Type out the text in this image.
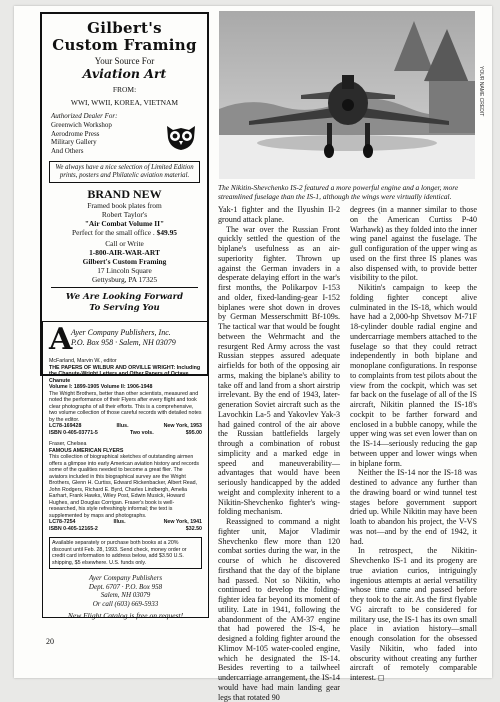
Gilbert's
Custom Framing
Your Source For
Aviation Art
FROM:
WWI, WWII, KOREA, VIETNAM
Authorized Dealer For:
Greenwich Workshop
Aerodrome Press
Military Gallery
And Others
We always have a nice selection of Limited Edition prints, posters and Philatelic aviation material.
BRAND NEW
Framed book plates from
Robert Taylor's
"Air Combat Volume II"
Perfect for the small office . $49.95
Call or Write
1-800-AIR-WAR-ART
Gilbert's Custom Framing
17 Lincoln Square
Gettysburg, PA 17325
We Are Looking Forward
To Serving You
A
Ayer Company Publishers, Inc.
P.O. Box 958 · Salem, NH 03079
McFarland, Marvin W., editor
THE PAPERS OF WILBUR AND ORVILLE WRIGHT: Including the Chanute-Wright Letters and Other Papers of Octave Chanute
Volume I: 1899-1905 Volume II: 1906-1948
The Wright Brothers, better than other scientists, measured and noted the performance of their Flyers after every flight and took clear photographs of all their efforts. This is a comprehensive, two volume collection of those careful records with detailed notes by the editor.
LC78-169428	Illus.	New York, 1953
ISBN 0-405-03771-5	Two vols.	$95.00
Fraser, Chelsea
FAMOUS AMERICAN FLYERS
This collection of biographical sketches of outstanding airmen offers a glimpse into early American aviation history and records some of the qualities needed to become a great flier. The aviators included in this biographical survey are the Wright Brothers, Glenn H. Curtiss, Edward Rickenbacker, Albert Read, John Rodgers, Richard E. Byrd, Charles Lindbergh, Amelia Earhart, Frank Hawks, Wiley Post, Edwin Musick, Howard Hughes, and Douglas Corrigan. Fraser's book is well-researched, his style refreshingly informal; the text is supplemented by maps and photographs.
LC78-7254	Illus.	New York, 1941
ISBN 0-405-12165-2	$32.50
Available separately or purchase both books at a 20% discount until Feb. 28, 1993. Send check, money order or credit card information to address below, add $3.50 U.S. shipping, $5 elsewhere. U.S. funds only.
Ayer Company Publishers
Dept. 6707 · P.O. Box 958
Salem, NH 03079
Or call (603) 669-5933
New Flight Catalog is free on request!
YOUR NAME CREDIT
The Nikitin-Shevchenko IS-2 featured a more powerful engine and a longer, more streamlined fuselage than the IS-1, although the wings were virtually identical.

Yak-1 fighter and the Ilyushin Il-2 ground attack plane.

The war over the Russian Front quickly settled the question of the biplane's usefulness as an air-superiority fighter. Thrown up against the German invaders in a desperate delaying effort in the war's first months, the Polikarpov I-153 and older, fixed-landing-gear I-152 biplanes were shot down in droves by German Messerschmitt Bf-109s. The tactical war that would be fought between the Wehrmacht and the resurgent Red Army across the vast Russian steppes assured adequate airfields for both of the opposing air arms, making the biplane's ability to take off and land from a short airstrip irrelevant. By the end of 1943, later-generation Soviet aircraft such as the Lavochkin La-5 and Yakovlev Yak-3 had gained control of the air above the Russian battlefields largely through a combination of robust simplicity and a marked edge in speed and maneuverability—advantages that would have been seriously handicapped by the added weight and complexity inherent to a Nikitin-Shevchenko fighter's wing-folding mechanism.

Reassigned to command a night fighter unit, Major Vladimir Shevchenko flew more than 120 combat sorties during the war, in the course of which he discovered firsthand that the day of the biplane had passed. Not so Nikitin, who continued to develop the folding-fighter idea far beyond its moment of utility. Late in 1941, following the abandonment of the AM-37 engine that had powered the IS-4, he designed a folding fighter around the Klimov M-105 water-cooled engine, which he designated the IS-14. Besides reverting to a tailwheel undercarriage arrangement, the IS-14 would have had main landing gear legs that rotated 90

degrees (in a manner similar to those on the American Curtiss P-40 Warhawk) as they folded into the inner wing panel against the fuselage. The gull configuration of the upper wing as used on the first three IS planes was also dispensed with, to provide better visibility to the pilot.

Nikitin's campaign to keep the folding fighter concept alive culminated in the IS-18, which would have had a 2,000-hp Shvetsov M-71F 18-cylinder double radial engine and undercarriage members attached to the fuselage so that they could retract independently in both biplane and monoplane configurations. In response to complaints from test pilots about the view from the cockpit, which was set far back on the fuselage of all of the IS aircraft, Nikitin planned the IS-18's cockpit to be farther forward and enclosed in a bubble canopy, while the upper wing was set even lower than on the IS-14—seriously reducing the gap between upper and lower wings when in biplane form.

Neither the IS-14 nor the IS-18 was destined to advance any further than the drawing board or wind tunnel test stages before government support dried up. While Nikitin may have been loath to abandon his project, the V-VS was not—and by the end of 1942, it had.

In retrospect, the Nikitin-Shevchenko IS-1 and its progeny are true aviation curios, intriguingly ingenious attempts at aerial versatility whose time came and passed before they took to the air. As the first flyable VG aircraft to be considered for military use, the IS-1 has its own small place in aviation history—small enough consolation for the obsessed Vasily Nikitin, who faded into obscurity without creating any further aircraft of remotely comparable interest. ◻

20
